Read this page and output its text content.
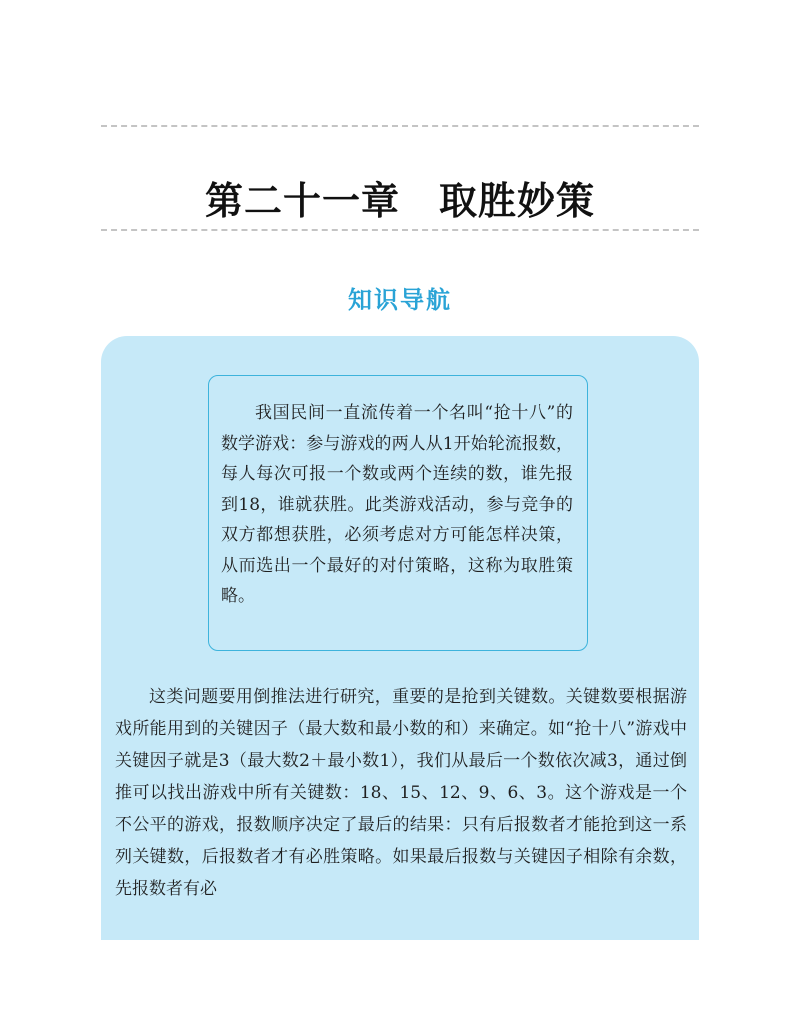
第二十一章　取胜妙策
知识导航

我国民间一直流传着一个名叫“抢十八”的数学游戏：参与游戏的两人从1开始轮流报数，每人每次可报一个数或两个连续的数，谁先报到18，谁就获胜。此类游戏活动，参与竞争的双方都想获胜，必须考虑对方可能怎样决策，从而选出一个最好的对付策略，这称为取胜策略。

这类问题要用倒推法进行研究，重要的是抢到关键数。关键数要根据游戏所能用到的关键因子（最大数和最小数的和）来确定。如“抢十八”游戏中关键因子就是3（最大数2＋最小数1），我们从最后一个数依次减3，通过倒推可以找出游戏中所有关键数：18、15、12、9、6、3。这个游戏是一个不公平的游戏，报数顺序决定了最后的结果：只有后报数者才能抢到这一系列关键数，后报数者才有必胜策略。如果最后报数与关键因子相除有余数，先报数者有必
